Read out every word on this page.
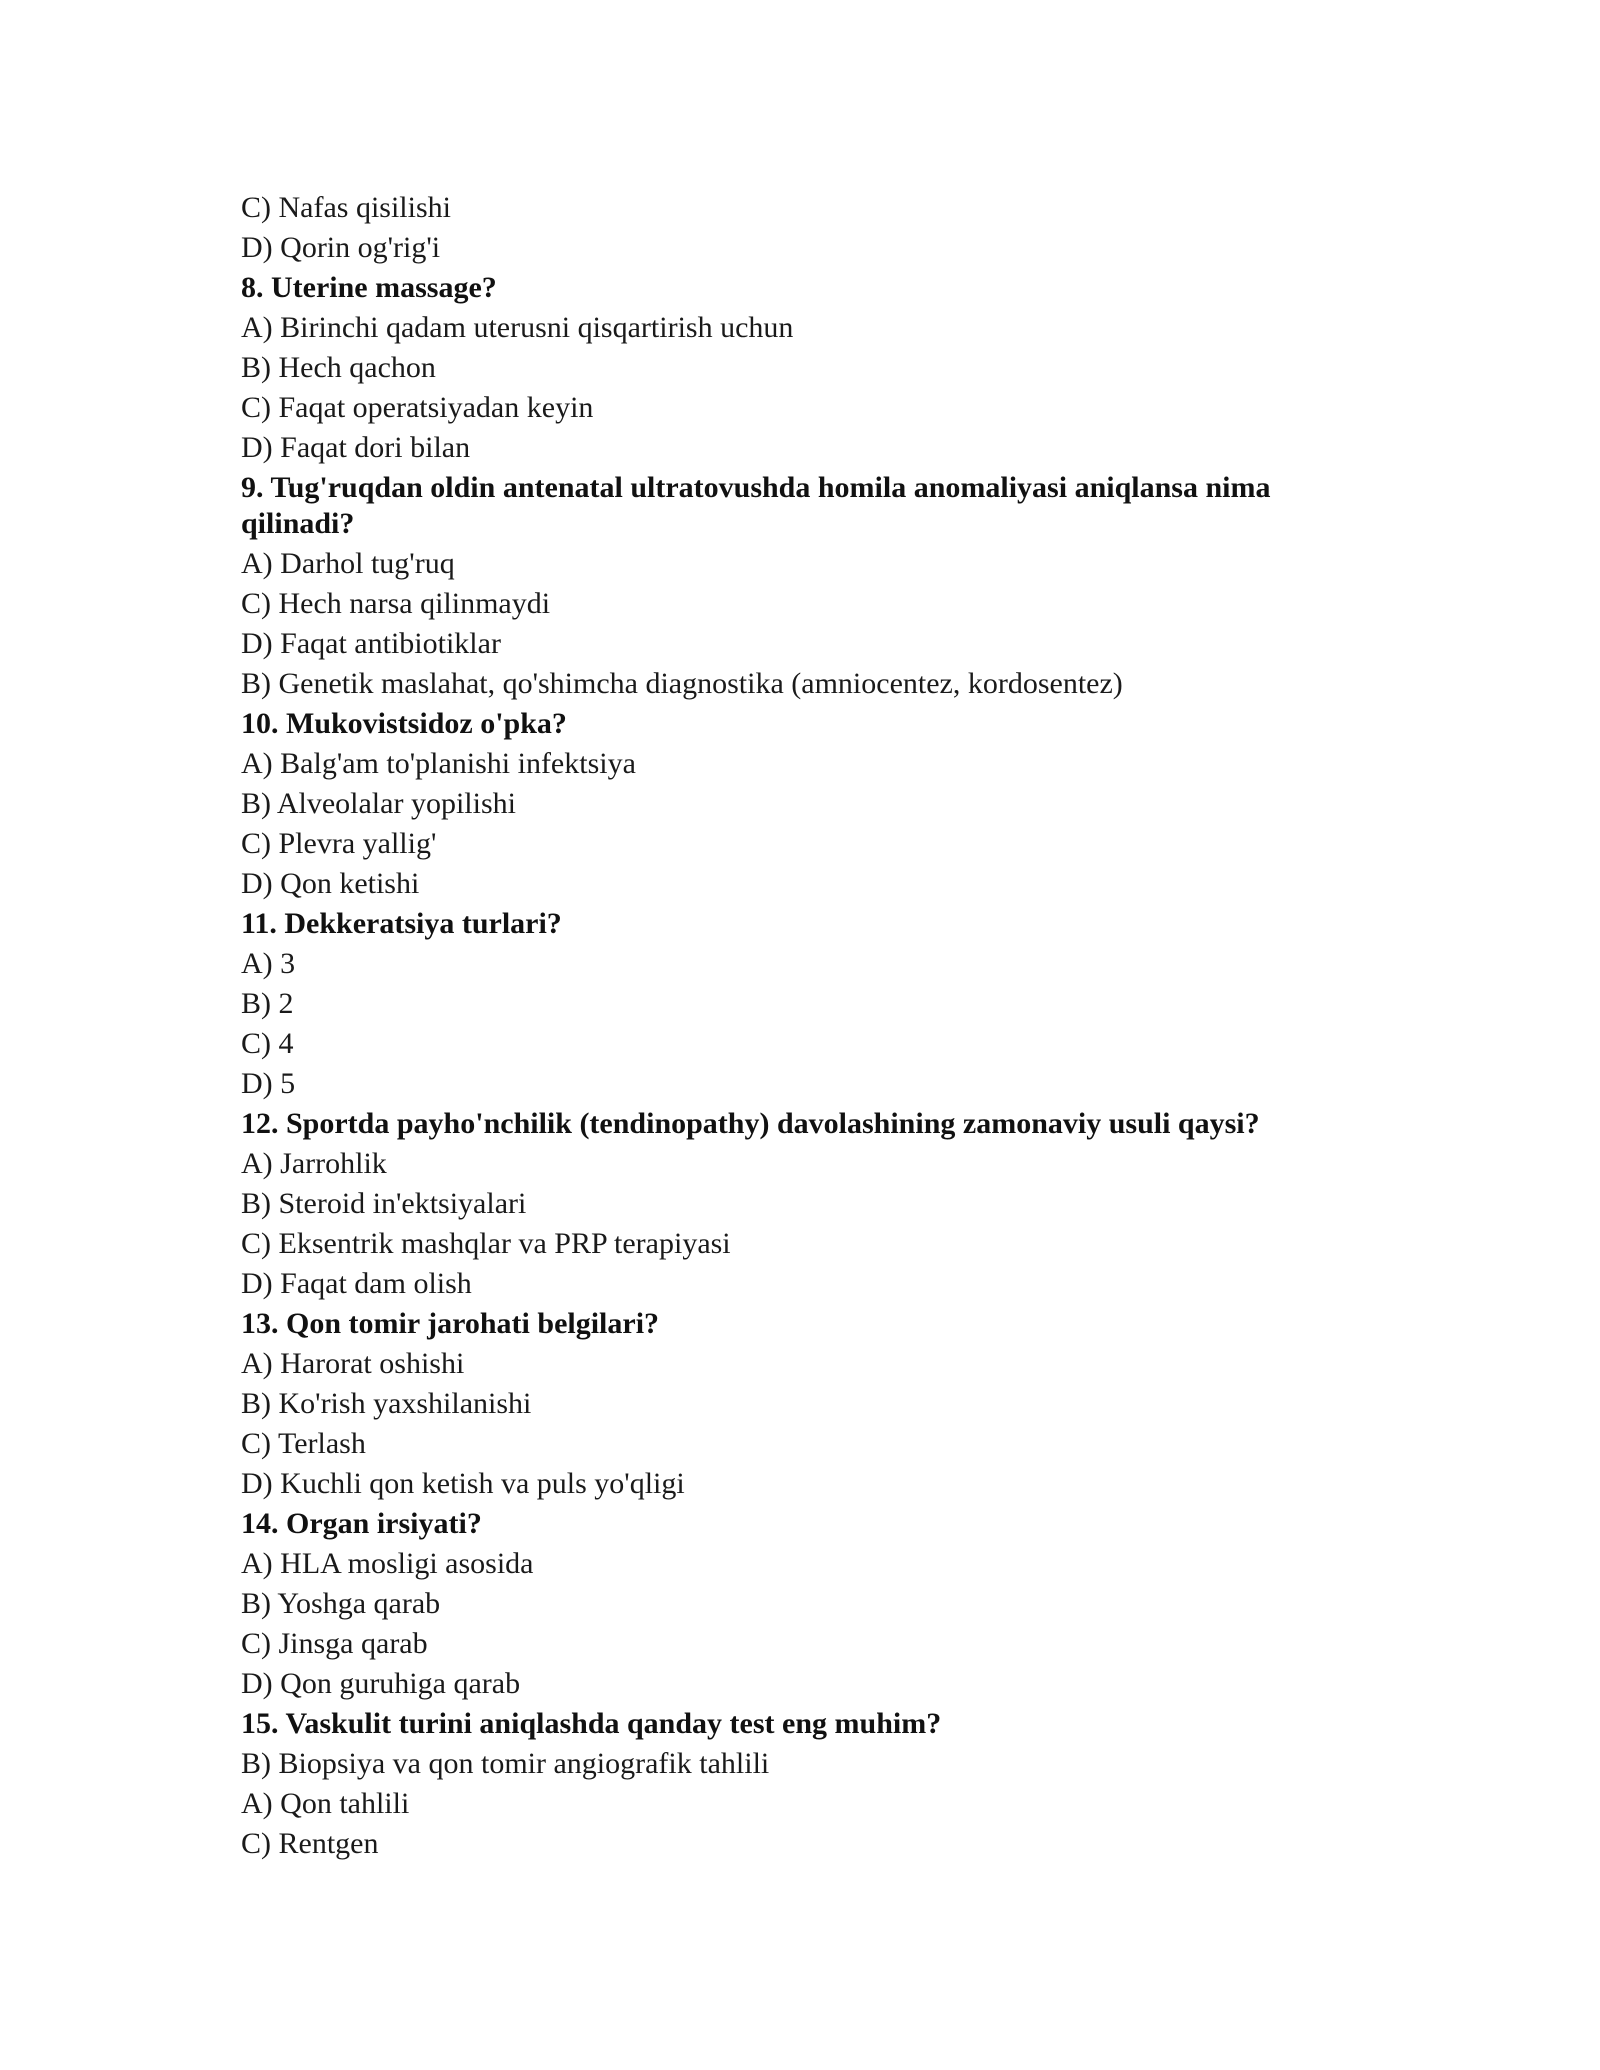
C) Nafas qisilishi
D) Qorin og'rig'i
8. Uterine massage?
A) Birinchi qadam uterusni qisqartirish uchun
B) Hech qachon
C) Faqat operatsiyadan keyin
D) Faqat dori bilan
9. Tug'ruqdan oldin antenatal ultratovushda homila anomaliyasi aniqlansa nima qilinadi?
A) Darhol tug'ruq
C) Hech narsa qilinmaydi
D) Faqat antibiotiklar
B) Genetik maslahat, qo'shimcha diagnostika (amniocentez, kordosentez)
10. Mukovistsidoz o'pka?
A) Balg'am to'planishi infektsiya
B) Alveolalar yopilishi
C) Plevra yallig'
D) Qon ketishi
11. Dekkeratsiya turlari?
A) 3
B) 2
C) 4
D) 5
12. Sportda payho'nchilik (tendinopathy) davolashining zamonaviy usuli qaysi?
A) Jarrohlik
B) Steroid in'ektsiyalari
C) Eksentrik mashqlar va PRP terapiyasi
D) Faqat dam olish
13. Qon tomir jarohati belgilari?
A) Harorat oshishi
B) Ko'rish yaxshilanishi
C) Terlash
D) Kuchli qon ketish va puls yo'qligi
14. Organ irsiyati?
A) HLA mosligi asosida
B) Yoshga qarab
C) Jinsga qarab
D) Qon guruhiga qarab
15. Vaskulit turini aniqlashda qanday test eng muhim?
B) Biopsiya va qon tomir angiografik tahlili
A) Qon tahlili
C) Rentgen
